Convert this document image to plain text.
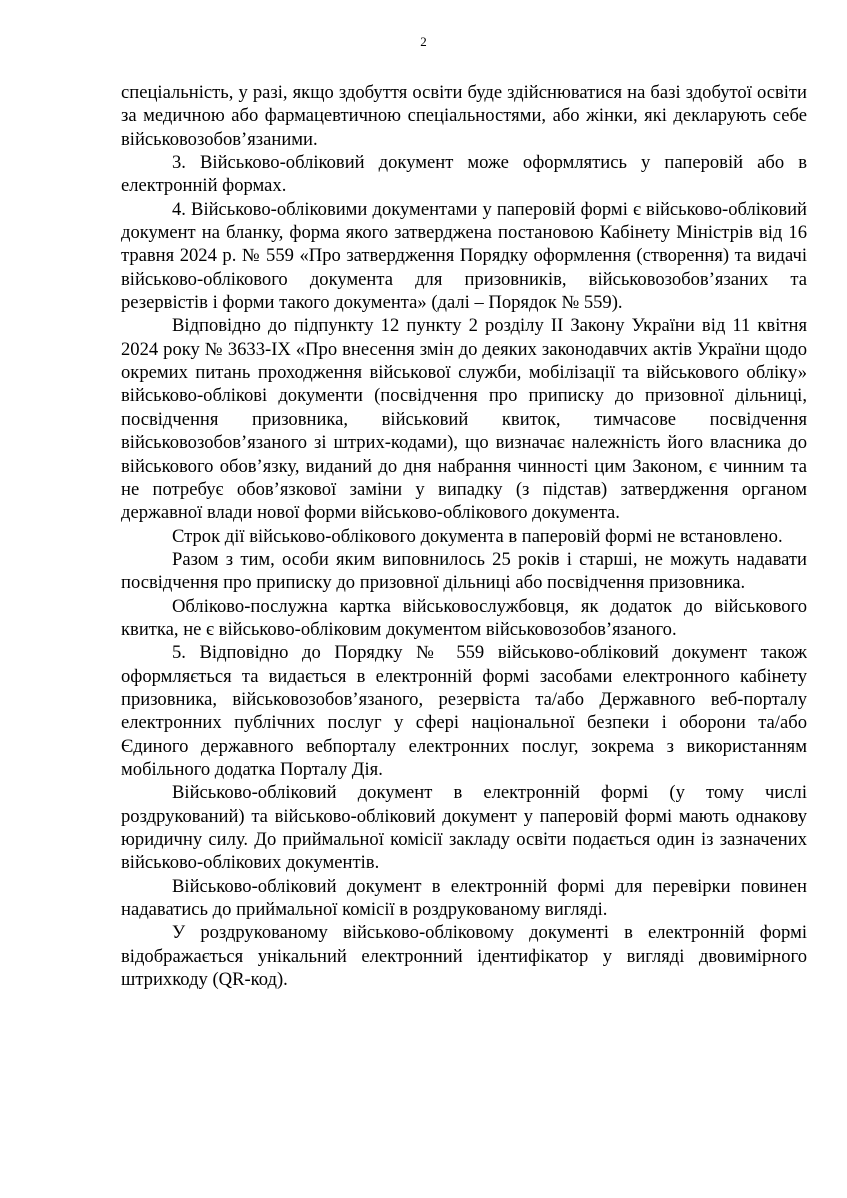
2

спеціальність, у разі, якщо здобуття освіти буде здійснюватися на базі здобутої освіти за медичною або фармацевтичною спеціальностями, або жінки, які декларують себе військовозобов’язаними.

3. Військово-обліковий документ може оформлятись у паперовій або в електронній формах.

4. Військово-обліковими документами у паперовій формі є військово-обліковий документ на бланку, форма якого затверджена постановою Кабінету Міністрів від 16 травня 2024 р. № 559 «Про затвердження Порядку оформлення (створення) та видачі військово-облікового документа для призовників, військовозобов’язаних та резервістів і форми такого документа» (далі – Порядок № 559).

Відповідно до підпункту 12 пункту 2 розділу II Закону України від 11 квітня 2024 року № 3633-IX «Про внесення змін до деяких законодавчих актів України щодо окремих питань проходження військової служби, мобілізації та військового обліку» військово-облікові документи (посвідчення про приписку до призовної дільниці, посвідчення призовника, військовий квиток, тимчасове посвідчення військовозобов’язаного зі штрих-кодами), що визначає належність його власника до військового обов’язку, виданий до дня набрання чинності цим Законом, є чинним та не потребує обов’язкової заміни у випадку (з підстав) затвердження органом державної влади нової форми військово-облікового документа.

Строк дії військово-облікового документа в паперовій формі не встановлено.

Разом з тим, особи яким виповнилось 25 років і старші, не можуть надавати посвідчення про приписку до призовної дільниці або посвідчення призовника.

Обліково-послужна картка військовослужбовця, як додаток до військового квитка, не є військово-обліковим документом військовозобов’язаного.

5. Відповідно до Порядку № 559 військово-обліковий документ також оформляється та видається в електронній формі засобами електронного кабінету призовника, військовозобов’язаного, резервіста та/або Державного веб-порталу електронних публічних послуг у сфері національної безпеки і оборони та/або Єдиного державного вебпорталу електронних послуг, зокрема з використанням мобільного додатка Порталу Дія.

Військово-обліковий документ в електронній формі (у тому числі роздрукований) та військово-обліковий документ у паперовій формі мають однакову юридичну силу. До приймальної комісії закладу освіти подається один із зазначених військово-облікових документів.

Військово-обліковий документ в електронній формі для перевірки повинен надаватись до приймальної комісії в роздрукованому вигляді.

У роздрукованому військово-обліковому документі в електронній формі відображається унікальний електронний ідентифікатор у вигляді двовимірного штрихкоду (QR-код).
